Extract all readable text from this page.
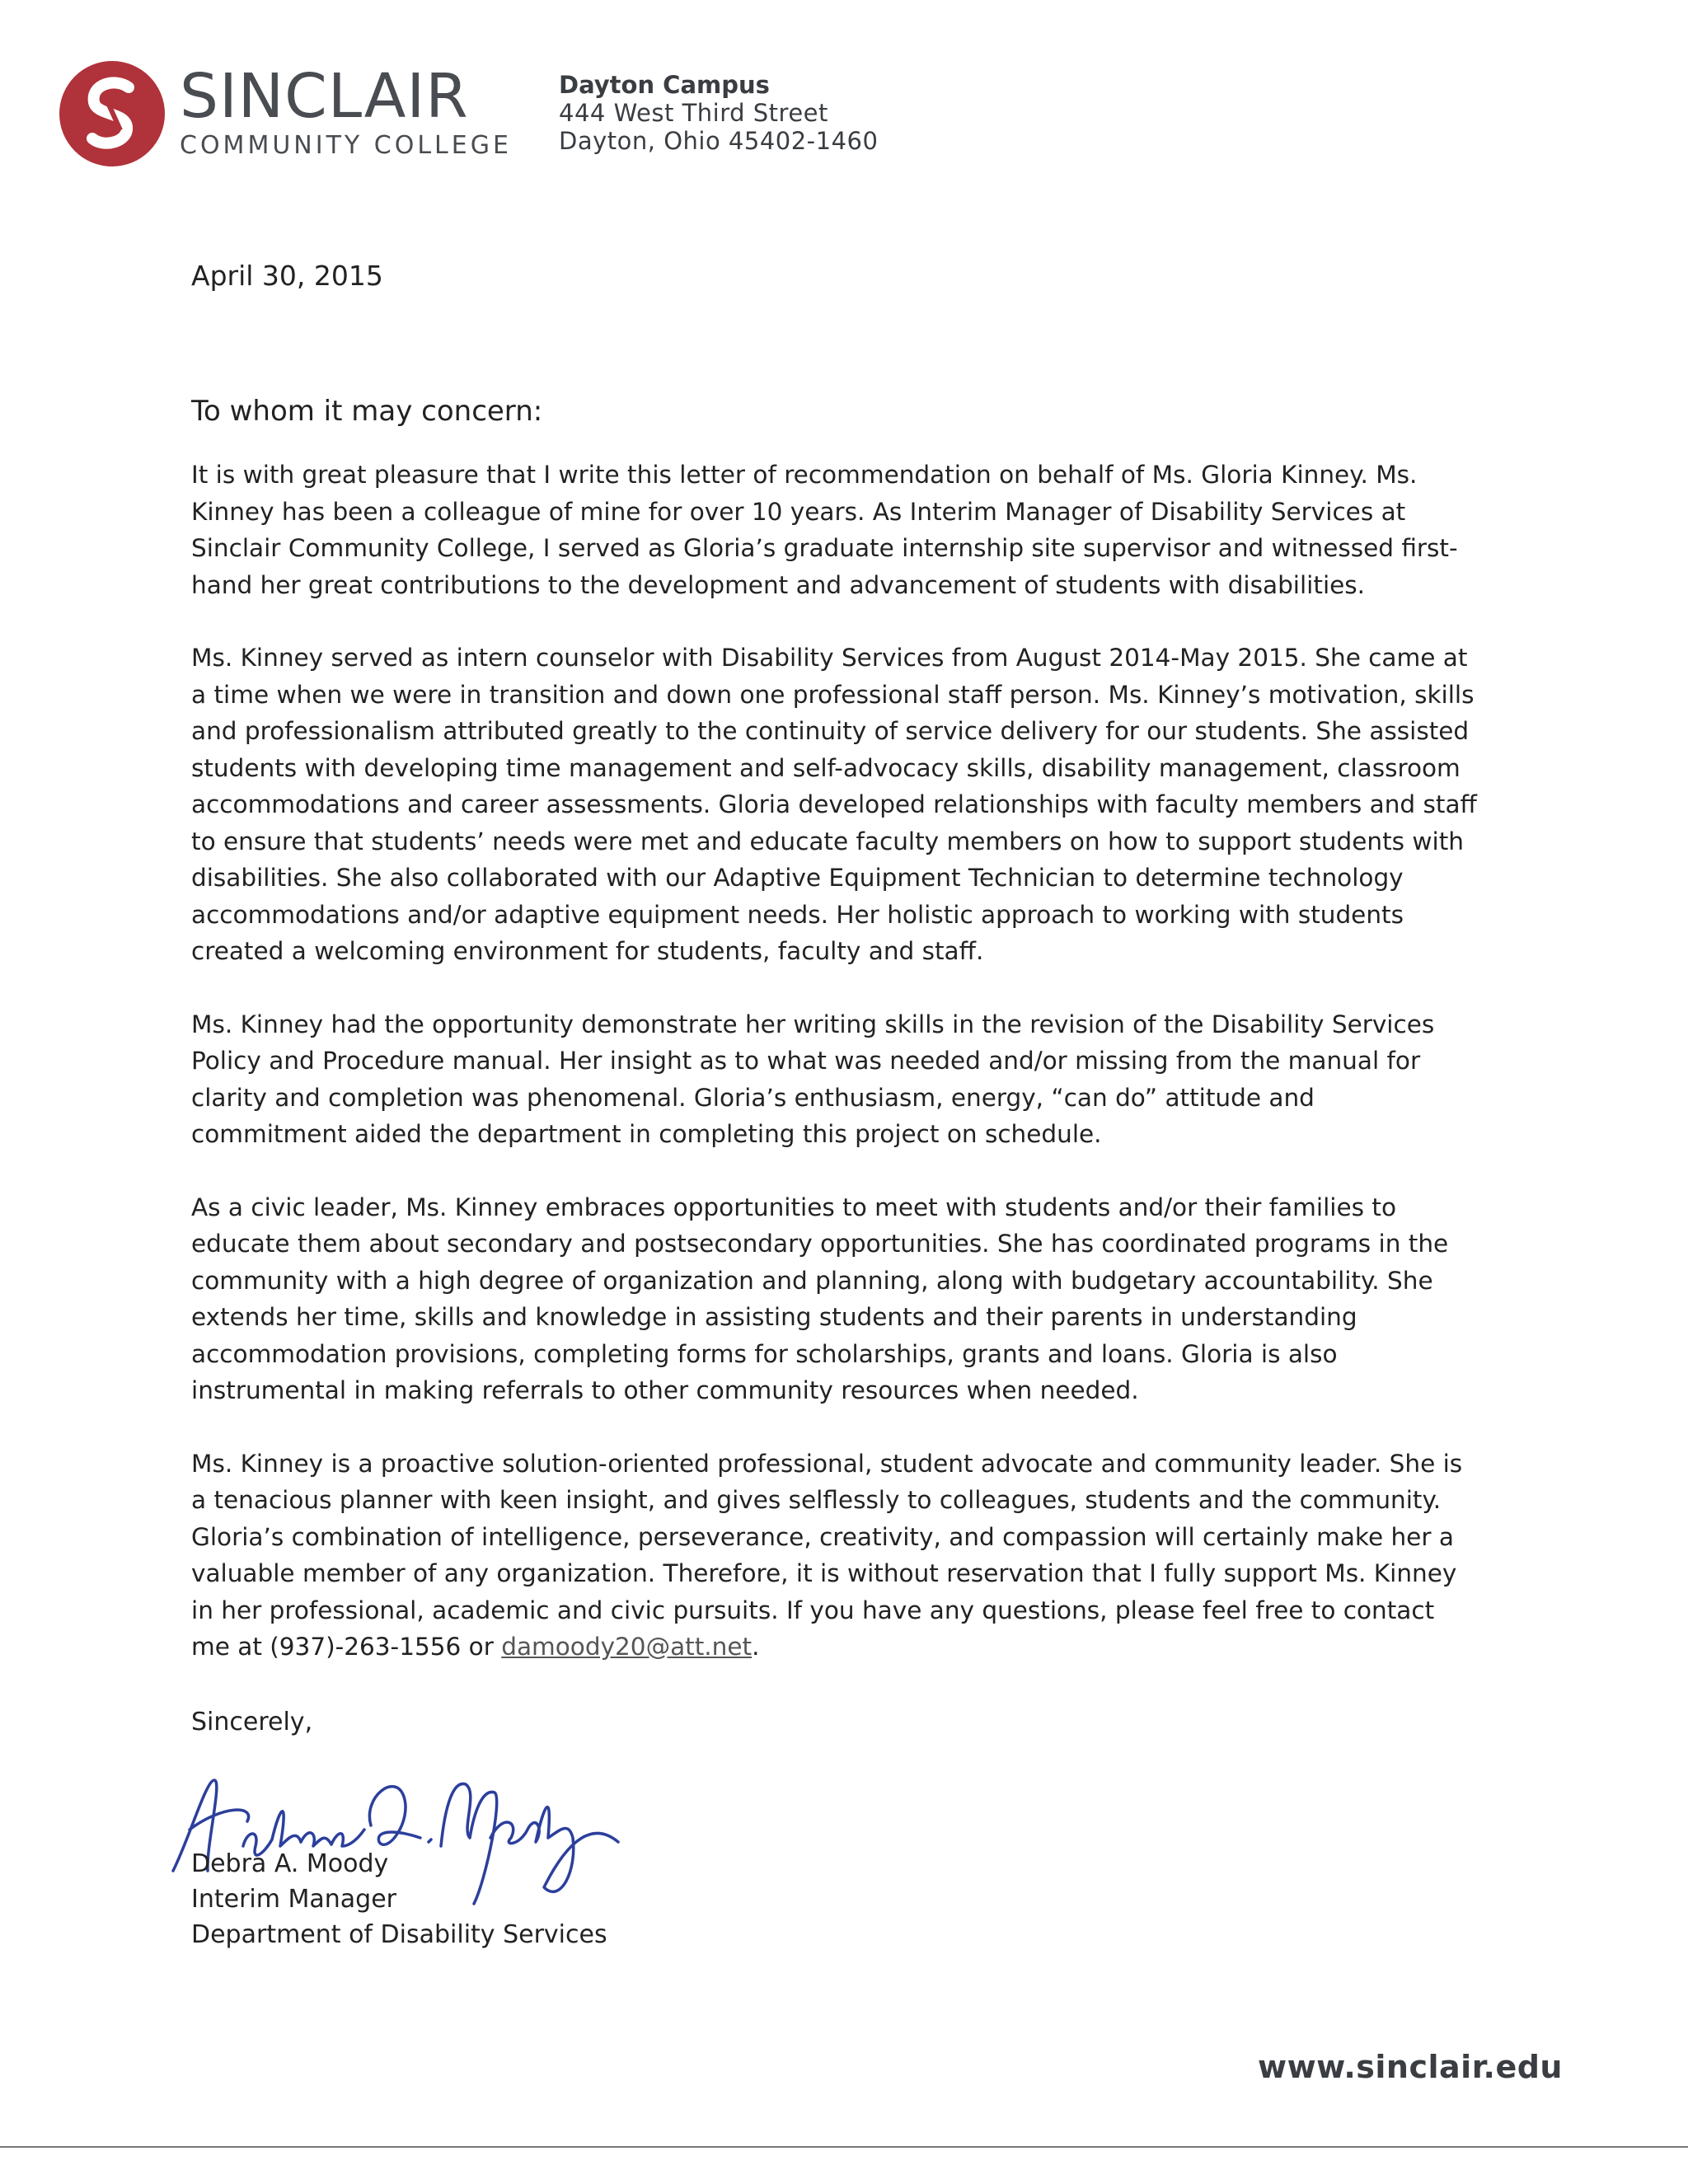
SINCLAIR
COMMUNITY COLLEGE
Dayton Campus
444 West Third Street
Dayton, Ohio 45402-1460
April 30, 2015
To whom it may concern:

It is with great pleasure that I write this letter of recommendation on behalf of Ms. Gloria Kinney. Ms. Kinney has been a colleague of mine for over 10 years. As Interim Manager of Disability Services at Sinclair Community College, I served as Gloria’s graduate internship site supervisor and witnessed first-hand her great contributions to the development and advancement of students with disabilities.

Ms. Kinney served as intern counselor with Disability Services from August 2014-May 2015. She came at a time when we were in transition and down one professional staff person. Ms. Kinney’s motivation, skills and professionalism attributed greatly to the continuity of service delivery for our students. She assisted students with developing time management and self-advocacy skills, disability management, classroom accommodations and career assessments. Gloria developed relationships with faculty members and staff to ensure that students’ needs were met and educate faculty members on how to support students with disabilities. She also collaborated with our Adaptive Equipment Technician to determine technology accommodations and/or adaptive equipment needs. Her holistic approach to working with students created a welcoming environment for students, faculty and staff.

Ms. Kinney had the opportunity demonstrate her writing skills in the revision of the Disability Services Policy and Procedure manual. Her insight as to what was needed and/or missing from the manual for clarity and completion was phenomenal. Gloria’s enthusiasm, energy, “can do” attitude and commitment aided the department in completing this project on schedule.

As a civic leader, Ms. Kinney embraces opportunities to meet with students and/or their families to educate them about secondary and postsecondary opportunities. She has coordinated programs in the community with a high degree of organization and planning, along with budgetary accountability. She extends her time, skills and knowledge in assisting students and their parents in understanding accommodation provisions, completing forms for scholarships, grants and loans. Gloria is also instrumental in making referrals to other community resources when needed.

Ms. Kinney is a proactive solution-oriented professional, student advocate and community leader. She is a tenacious planner with keen insight, and gives selflessly to colleagues, students and the community. Gloria’s combination of intelligence, perseverance, creativity, and compassion will certainly make her a valuable member of any organization. Therefore, it is without reservation that I fully support Ms. Kinney in her professional, academic and civic pursuits. If you have any questions, please feel free to contact me at (937)-263-1556 or damoody20@att.net.

Sincerely,
Debra A. Moody
Interim Manager
Department of Disability Services
www.sinclair.edu
